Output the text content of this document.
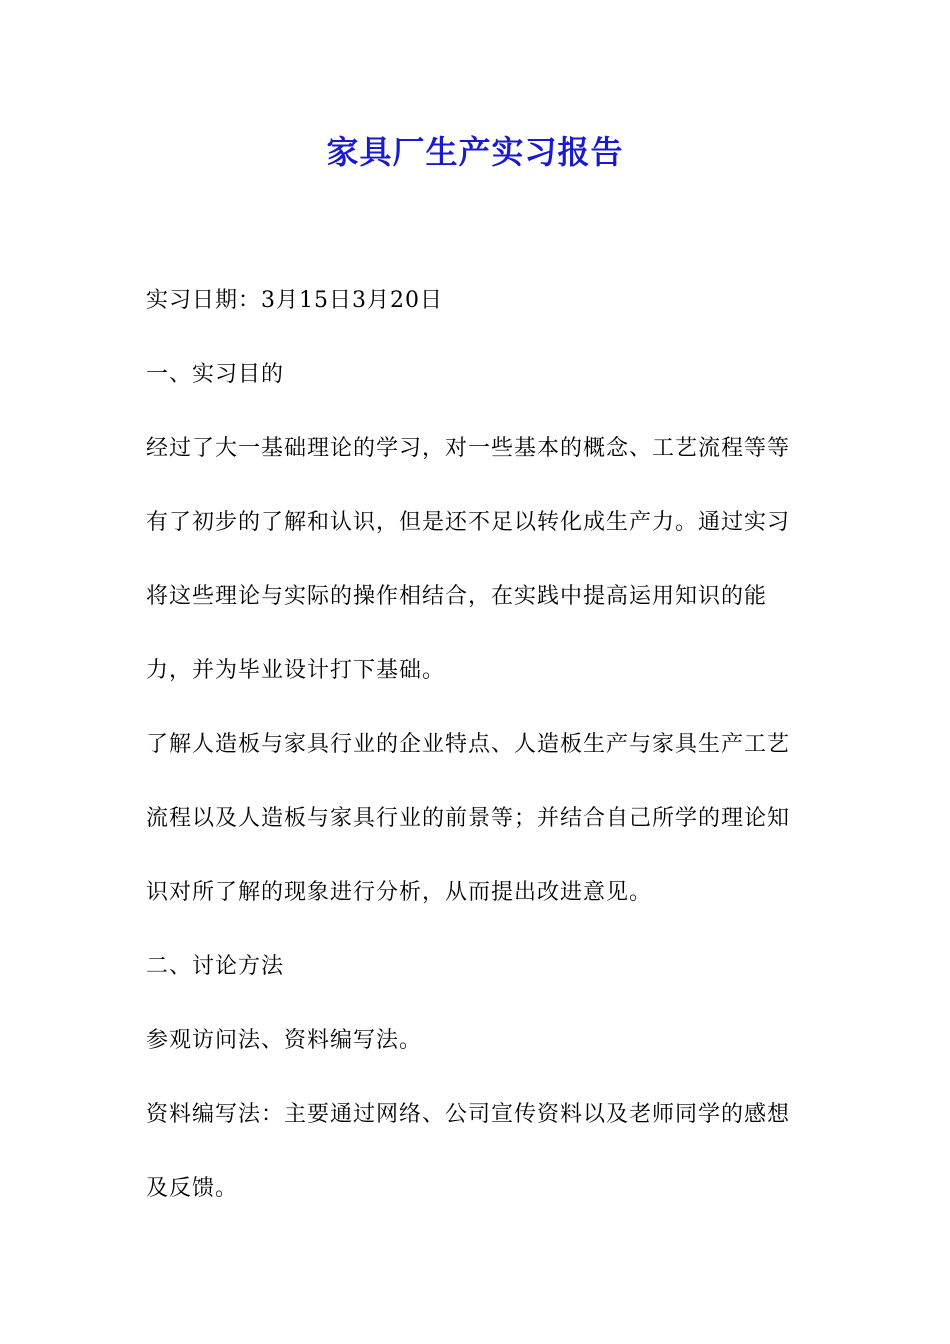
家具厂生产实习报告

实习日期：3月15日3月20日

一、实习目的

经过了大一基础理论的学习，对一些基本的概念、工艺流程等等有了初步的了解和认识，但是还不足以转化成生产力。通过实习将这些理论与实际的操作相结合，在实践中提高运用知识的能力，并为毕业设计打下基础。

了解人造板与家具行业的企业特点、人造板生产与家具生产工艺流程以及人造板与家具行业的前景等；并结合自己所学的理论知识对所了解的现象进行分析，从而提出改进意见。

二、讨论方法

参观访问法、资料编写法。

资料编写法：主要通过网络、公司宣传资料以及老师同学的感想及反馈。
